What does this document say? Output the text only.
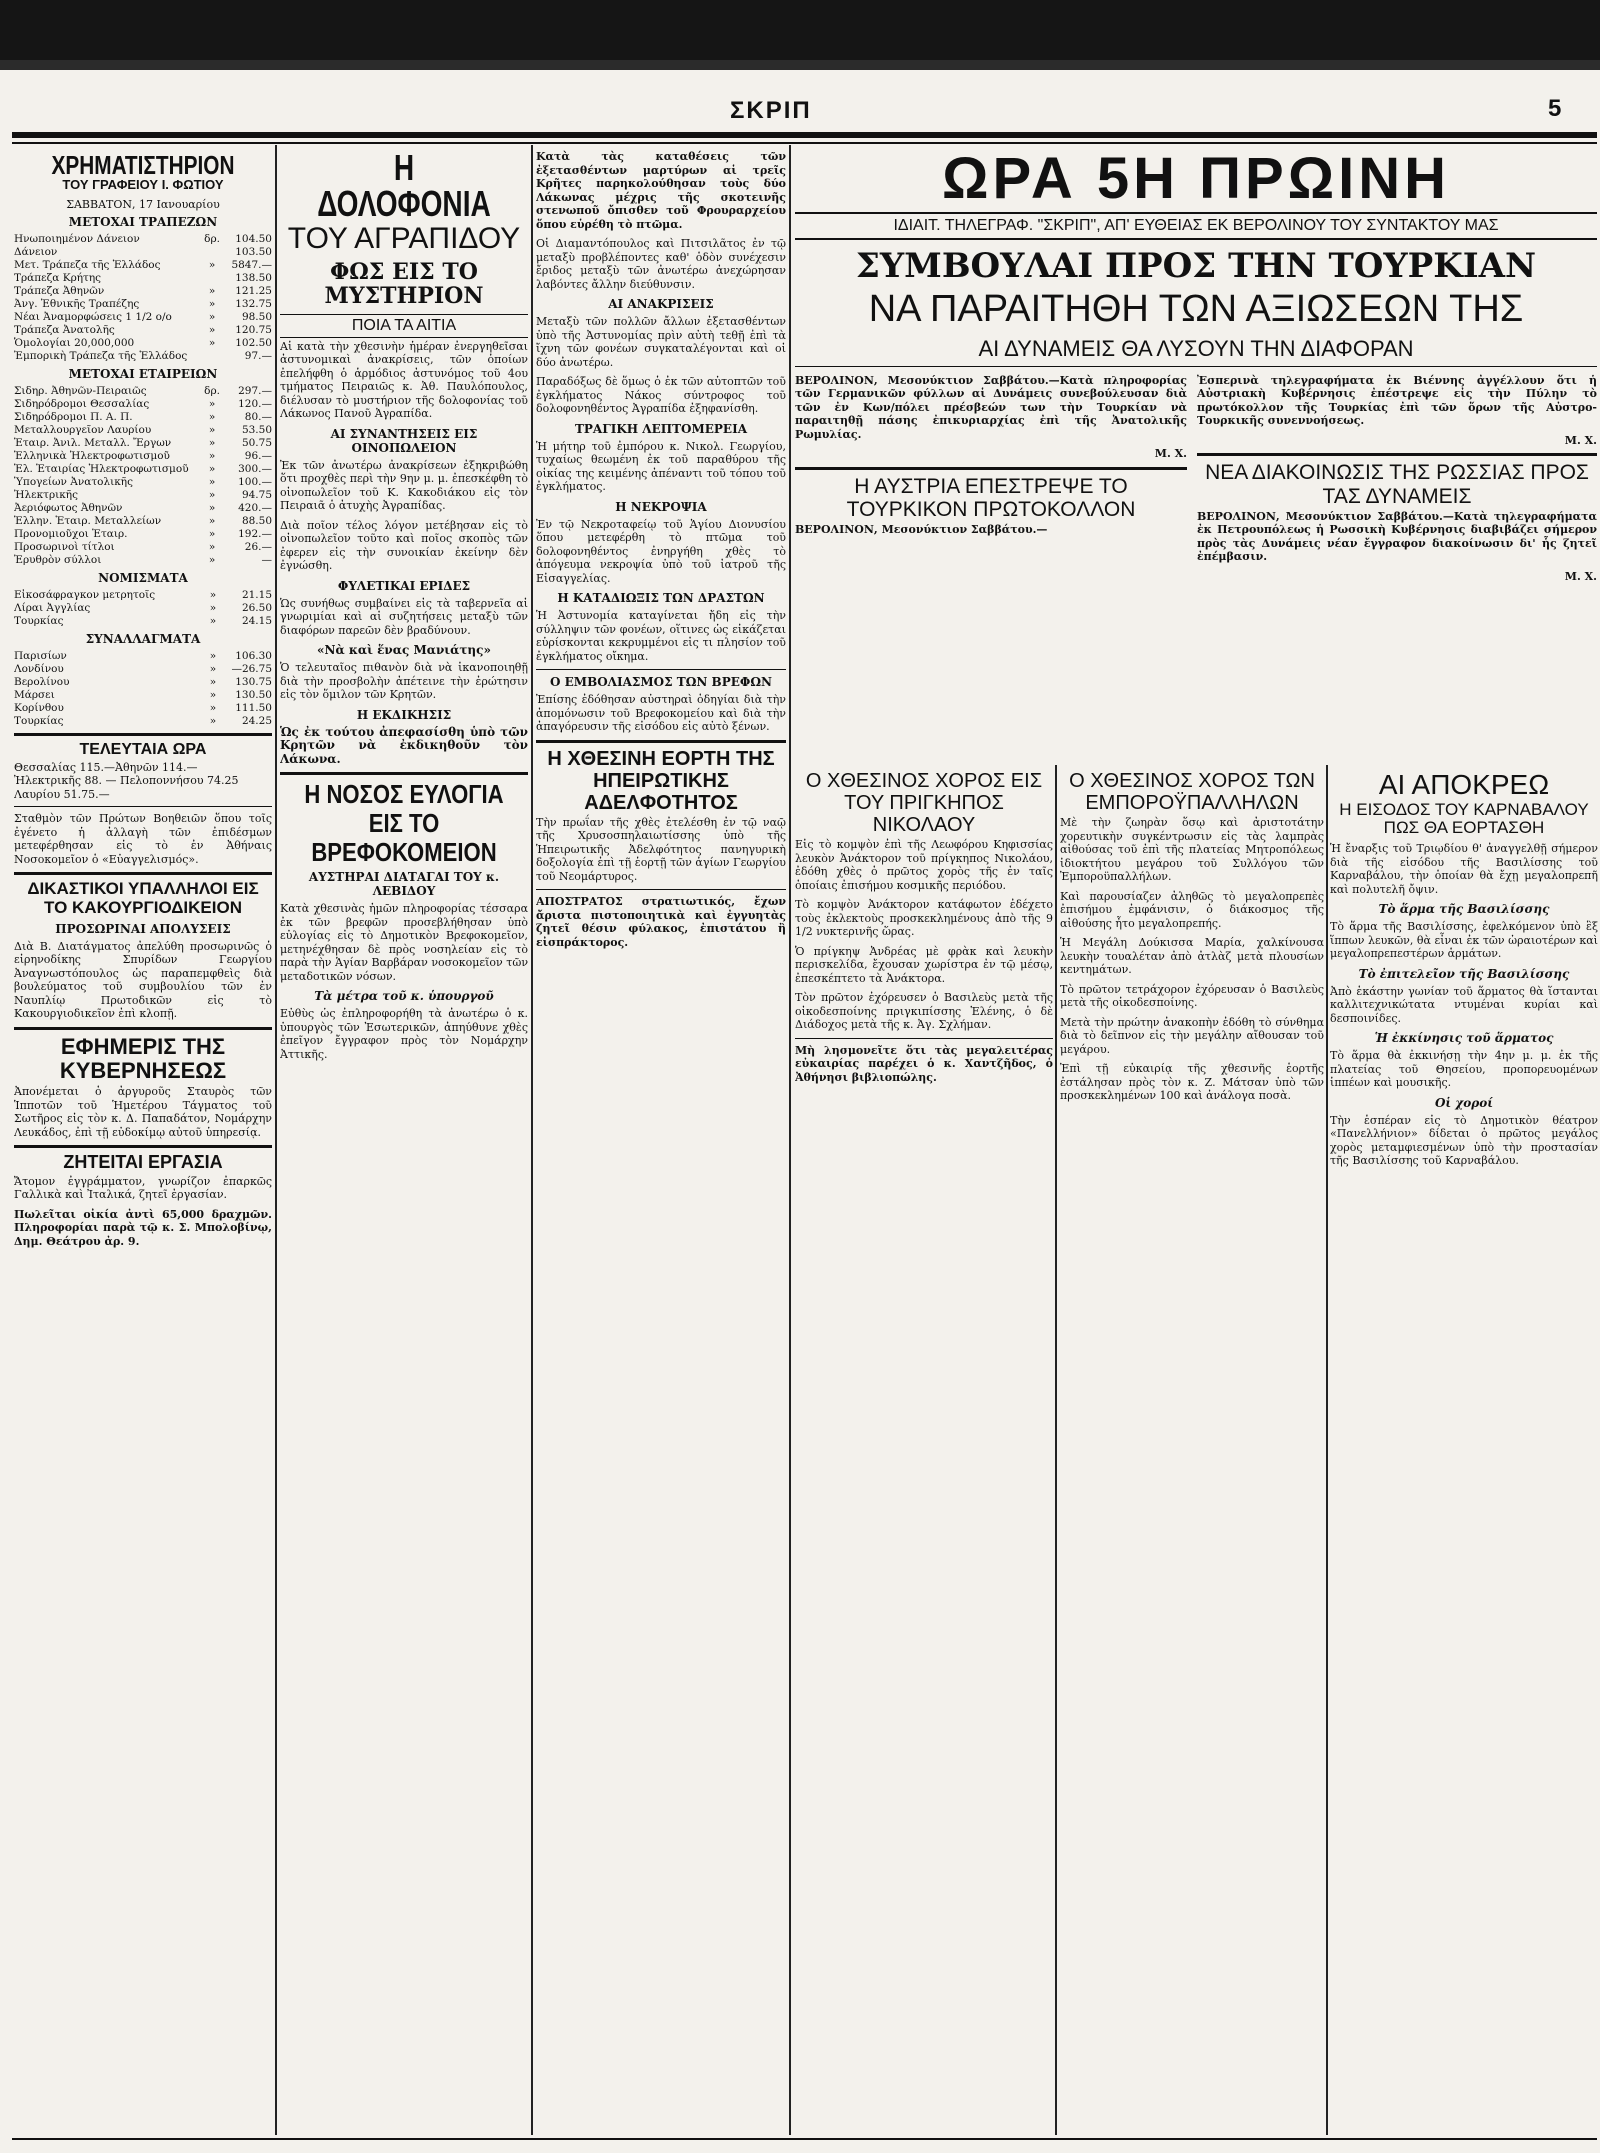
ΣΚΡΙΠ	5
ΧΡΗΜΑΤΙΣΤΗΡΙΟΝ
ΤΟΥ ΓΡΑΦΕΙΟΥ Ι. ΦΩΤΙΟΥ
ΣΑΒΒΑΤΟΝ, 17 Ιανουαρίου
ΜΕΤΟΧΑΙ ΤΡΑΠΕΖΩΝ
Ηνωποιημένον Δάνειον	δρ.	104.50
Δάνειον		103.50
Μετ. Τράπεζα τῆς Ἑλλάδος	»	5847.—
Τράπεζα Κρήτης		138.50
Τράπεζα Ἀθηνῶν	»	121.25
Ἀνγ. Ἐθνικῆς Τραπέζης	»	132.75
Νέαι Ἀναμορφώσεις 1 1/2 ο/ο	»	98.50
Τράπεζα Ἀνατολῆς	»	120.75
Ὁμολογίαι 20,000,000	»	102.50
Ἐμπορικὴ Τράπεζα τῆς Ἑλλάδος		97.—
ΜΕΤΟΧΑΙ ΕΤΑΙΡΕΙΩΝ
Σιδηρ. Ἀθηνῶν-Πειραιῶς	δρ.	297.—
Σιδηρόδρομοι Θεσσαλίας	»	120.—
Σιδηρόδρομοι Π. Α. Π.	»	80.—
Μεταλλουργεῖον Λαυρίου	»	53.50
Ἑταιρ. Ἀνιλ. Μεταλλ. Ἔργων	»	50.75
Ἑλληνικὰ Ἠλεκτροφωτισμοῦ	»	96.—
Ἑλ. Ἑταιρίας Ἠλεκτροφωτισμοῦ	»	300.—
Ὑπογείων Ἀνατολικῆς	»	100.—
Ἠλεκτρικῆς	»	94.75
Ἀεριόφωτος Ἀθηνῶν	»	420.—
Ἑλλην. Ἑταιρ. Μεταλλείων	»	88.50
Προνομιοῦχοι Ἑταιρ.	»	192.—
Προσωρινοὶ τίτλοι	»	26.—
Ἐρυθρὸν σύλλοι	»	—
ΝΟΜΙΣΜΑΤΑ
Εἰκοσάφραγκον μετρητοῖς	»	21.15
Λίραι Ἀγγλίας	»	26.50
Τουρκίας	»	24.15
ΣΥΝΑΛΛΑΓΜΑΤΑ
Παρισίων	»	106.30
Λονδίνου	»	—26.75
Βερολίνου	»	130.75
Μάρσει	»	130.50
Κορίνθου	»	111.50
Τουρκίας	»	24.25
ΤΕΛΕΥΤΑΙΑ ΩΡΑ
Θεσσαλίας 115.—Ἀθηνῶν 114.—
Ἠλεκτρικῆς 88. — Πελοποννήσου 74.25
Λαυρίου 51.75.—
Σταθμὸν τῶν Πρώτων Βοηθειῶν ὅπου τοῖς ἐγένετο ἡ ἀλλαγὴ τῶν ἐπιδέσμων μετεφέρθησαν εἰς τὸ ἐν Ἀθήναις Νοσοκομεῖον ὁ «Εὐαγγελισμός».
ΔΙΚΑΣΤΙΚΟΙ ΥΠΑΛΛΗΛΟΙ ΕΙΣ ΤΟ ΚΑΚΟΥΡΓΙΟΔΙΚΕΙΟΝ
ΠΡΟΣΩΡΙΝΑΙ ΑΠΟΛΥΣΕΙΣ
Διὰ Β. Διατάγματος ἀπελύθη προσωρινῶς ὁ εἰρηνοδίκης Σπυρίδων Γεωργίου Ἀναγνωστόπουλος ὡς παραπεμφθεὶς διὰ βουλεύματος τοῦ συμβουλίου τῶν ἐν Ναυπλίῳ Πρωτοδικῶν εἰς τὸ Κακουργιοδικεῖον ἐπὶ κλοπῇ.
ΕΦΗΜΕΡΙΣ ΤΗΣ ΚΥΒΕΡΝΗΣΕΩΣ
Ἀπονέμεται ὁ ἀργυροῦς Σταυρὸς τῶν Ἱπποτῶν τοῦ Ἡμετέρου Τάγματος τοῦ Σωτῆρος εἰς τὸν κ. Δ. Παπαδάτον, Νομάρχην Λευκάδος, ἐπὶ τῇ εὐδοκίμῳ αὐτοῦ ὑπηρεσίᾳ.
ΖΗΤΕΙΤΑΙ ΕΡΓΑΣΙΑ
Ἄτομον ἐγγράμματον, γνωρίζον ἐπαρκῶς Γαλλικὰ καὶ Ἰταλικά, ζητεῖ ἐργασίαν.
Πωλεῖται οἰκία ἀντὶ 65,000 δραχμῶν. Πληροφορίαι παρὰ τῷ κ. Σ. Μπολοβίνῳ, Δημ. Θεάτρου ἀρ. 9.
Η ΔΟΛΟΦΟΝΙΑ
ΤΟΥ ΑΓΡΑΠΙΔΟΥ
ΦΩΣ ΕΙΣ ΤΟ ΜΥΣΤΗΡΙΟΝ
ΠΟΙΑ ΤΑ ΑΙΤΙΑ
Αἱ κατὰ τὴν χθεσινὴν ἡμέραν ἐνεργηθεῖσαι ἀστυνομικαὶ ἀνακρίσεις, τῶν ὁποίων ἐπελήφθη ὁ ἁρμόδιος ἀστυνόμος τοῦ 4ου τμήματος Πειραιῶς κ. Ἀθ. Παυλόπουλος, διέλυσαν τὸ μυστήριον τῆς δολοφονίας τοῦ Λάκωνος Πανοῦ Ἀγραπίδα.
ΑΙ ΣΥΝΑΝΤΗΣΕΙΣ ΕΙΣ ΟΙΝΟΠΩΛΕΙΟΝ
Ἐκ τῶν ἀνωτέρω ἀνακρίσεων ἐξηκριβώθη ὅτι προχθὲς περὶ τὴν 9ην μ. μ. ἐπεσκέφθη τὸ οἰνοπωλεῖον τοῦ Κ. Κακοδιάκου εἰς τὸν Πειραιᾶ ὁ ἀτυχὴς Ἀγραπίδας.
Διὰ ποῖον τέλος λόγον μετέβησαν εἰς τὸ οἰνοπωλεῖον τοῦτο καὶ ποῖος σκοπὸς τῶν ἐφερεν εἰς τὴν συνοικίαν ἐκείνην δὲν ἐγνώσθη.
ΦΥΛΕΤΙΚΑΙ ΕΡΙΔΕΣ
Ὡς συνήθως συμβαίνει εἰς τὰ ταβερνεῖα αἱ γνωριμίαι καὶ αἱ συζητήσεις μεταξὺ τῶν διαφόρων παρεῶν δὲν βραδύνουν.
«Νὰ καὶ ἕνας Μανιάτης»
Ὁ τελευταῖος πιθανὸν διὰ νὰ ἱκανοποιηθῇ διὰ τὴν προσβολὴν ἀπέτεινε τὴν ἐρώτησιν εἰς τὸν ὅμιλον τῶν Κρητῶν.
Η ΕΚΔΙΚΗΣΙΣ
Ὡς ἐκ τούτου ἀπεφασίσθη ὑπὸ τῶν Κρητῶν νὰ ἐκδικηθοῦν τὸν Λάκωνα.
Η ΝΟΣΟΣ ΕΥΛΟΓΙΑ ΕΙΣ ΤΟ ΒΡΕΦΟΚΟΜΕΙΟΝ
ΑΥΣΤΗΡΑΙ ΔΙΑΤΑΓΑΙ ΤΟΥ κ. ΛΕΒΙΔΟΥ
Κατὰ χθεσινὰς ἡμῶν πληροφορίας τέσσαρα ἐκ τῶν βρεφῶν προσεβλήθησαν ὑπὸ εὐλογίας εἰς τὸ Δημοτικὸν Βρεφοκομεῖον, μετηνέχθησαν δὲ πρὸς νοσηλείαν εἰς τὸ παρὰ τὴν Ἁγίαν Βαρβάραν νοσοκομεῖον τῶν μεταδοτικῶν νόσων.
Τὰ μέτρα τοῦ κ. ὑπουργοῦ
Εὐθὺς ὡς ἐπληροφορήθη τὰ ἀνωτέρω ὁ κ. ὑπουργὸς τῶν Ἐσωτερικῶν, ἀπηύθυνε χθὲς ἐπεῖγον ἔγγραφον πρὸς τὸν Νομάρχην Ἀττικῆς.
Κατὰ τὰς καταθέσεις τῶν ἐξετασθέντων μαρτύρων αἱ τρεῖς Κρῆτες παρηκολούθησαν τοὺς δύο Λάκωνας μέχρις τῆς σκοτεινῆς στενωποῦ ὄπισθεν τοῦ Φρουραρχείου ὅπου εὑρέθη τὸ πτῶμα.
Οἱ Διαμαντόπουλος καὶ Πιτσιλᾶτος ἐν τῷ μεταξὺ προβλέποντες καθ' ὁδὸν συνέχεσιν ἔριδος μεταξὺ τῶν ἀνωτέρω ἀνεχώρησαν λαβόντες ἄλλην διεύθυνσιν.
ΑΙ ΑΝΑΚΡΙΣΕΙΣ
Μεταξὺ τῶν πολλῶν ἄλλων ἐξετασθέντων ὑπὸ τῆς Ἀστυνομίας πρὶν αὐτὴ τεθῇ ἐπὶ τὰ ἴχνη τῶν φονέων συγκαταλέγονται καὶ οἱ δύο ἀνωτέρω.
Παραδόξως δὲ ὅμως ὁ ἐκ τῶν αὐτοπτῶν τοῦ ἐγκλήματος Νάκος σύντροφος τοῦ δολοφονηθέντος Ἀγραπίδα ἐξηφανίσθη.
ΤΡΑΓΙΚΗ ΛΕΠΤΟΜΕΡΕΙΑ
Ἡ μήτηρ τοῦ ἐμπόρου κ. Νικολ. Γεωργίου, τυχαίως θεωμένη ἐκ τοῦ παραθύρου τῆς οἰκίας της κειμένης ἀπέναντι τοῦ τόπου τοῦ ἐγκλήματος.
Η ΝΕΚΡΟΨΙΑ
Ἐν τῷ Νεκροταφείῳ τοῦ Ἁγίου Διονυσίου ὅπου μετεφέρθη τὸ πτῶμα τοῦ δολοφονηθέντος ἐνηργήθη χθὲς τὸ ἀπόγευμα νεκροψία ὑπὸ τοῦ ἰατροῦ τῆς Εἰσαγγελίας.
Η ΚΑΤΑΔΙΩΞΙΣ ΤΩΝ ΔΡΑΣΤΩΝ
Ἡ Ἀστυνομία καταγίνεται ἤδη εἰς τὴν σύλληψιν τῶν φονέων, οἵτινες ὡς εἰκάζεται εὑρίσκονται κεκρυμμένοι εἰς τι πλησίον τοῦ ἐγκλήματος οἴκημα.
Ο ΕΜΒΟΛΙΑΣΜΟΣ ΤΩΝ ΒΡΕΦΩΝ
Ἐπίσης ἐδόθησαν αὐστηραὶ ὁδηγίαι διὰ τὴν ἀπομόνωσιν τοῦ Βρεφοκομείου καὶ διὰ τὴν ἀπαγόρευσιν τῆς εἰσόδου εἰς αὐτὸ ξένων.
Η ΧΘΕΣΙΝΗ ΕΟΡΤΗ ΤΗΣ ΗΠΕΙΡΩΤΙΚΗΣ ΑΔΕΛΦΟΤΗΤΟΣ
Τὴν πρωΐαν τῆς χθὲς ἐτελέσθη ἐν τῷ ναῷ τῆς Χρυσοσπηλαιωτίσσης ὑπὸ τῆς Ἡπειρωτικῆς Ἀδελφότητος πανηγυρικὴ δοξολογία ἐπὶ τῇ ἑορτῇ τῶν ἁγίων Γεωργίου τοῦ Νεομάρτυρος.
ΑΠΟΣΤΡΑΤΟΣ στρατιωτικός, ἔχων ἄριστα πιστοποιητικὰ καὶ ἐγγυητὰς ζητεῖ θέσιν φύλακος, ἐπιστάτου ἢ εἰσπράκτορος.
ΩΡΑ 5Η ΠΡΩΙΝΗ
ΙΔΙΑΙΤ. ΤΗΛΕΓΡΑΦ. "ΣΚΡΙΠ", ΑΠ' ΕΥΘΕΙΑΣ ΕΚ ΒΕΡΟΛΙΝΟΥ ΤΟΥ ΣΥΝΤΑΚΤΟΥ ΜΑΣ
ΣΥΜΒΟΥΛΑΙ ΠΡΟΣ ΤΗΝ ΤΟΥΡΚΙΑΝ
ΝΑ ΠΑΡΑΙΤΗΘΗ ΤΩΝ ΑΞΙΩΣΕΩΝ ΤΗΣ
ΑΙ ΔΥΝΑΜΕΙΣ ΘΑ ΛΥΣΟΥΝ ΤΗΝ ΔΙΑΦΟΡΑΝ
ΒΕΡΟΛΙΝΟΝ, Μεσονύκτιον Σαββάτου.—Κατὰ πληροφορίας τῶν Γερμανικῶν φύλλων αἱ Δυνάμεις συνεβούλευσαν διὰ τῶν ἐν Κων/πόλει πρέσβεών των τὴν Τουρκίαν νὰ παραιτηθῇ πάσης ἐπικυριαρχίας ἐπὶ τῆς Ἀνατολικῆς Ρωμυλίας.
Μ. Χ.
Η ΑΥΣΤΡΙΑ ΕΠΕΣΤΡΕΨΕ ΤΟ ΤΟΥΡΚΙΚΟΝ ΠΡΩΤΟΚΟΛΛΟΝ
ΒΕΡΟΛΙΝΟΝ, Μεσονύκτιον Σαββάτου.—
Ἐσπερινὰ τηλεγραφήματα ἐκ Βιέννης ἀγγέλλουν ὅτι ἡ Αὐστριακὴ Κυβέρνησις ἐπέστρεψε εἰς τὴν Πύλην τὸ πρωτόκολλον τῆς Τουρκίας ἐπὶ τῶν ὅρων τῆς Αὐστρο-Τουρκικῆς συνεννοήσεως.
Μ. Χ.
ΝΕΑ ΔΙΑΚΟΙΝΩΣΙΣ ΤΗΣ ΡΩΣΣΙΑΣ ΠΡΟΣ ΤΑΣ ΔΥΝΑΜΕΙΣ
ΒΕΡΟΛΙΝΟΝ, Μεσονύκτιον Σαββάτου.—Κατὰ τηλεγραφήματα ἐκ Πετρουπόλεως ἡ Ρωσσικὴ Κυβέρνησις διαβιβάζει σήμερον πρὸς τὰς Δυνάμεις νέαν ἔγγραφον διακοίνωσιν δι' ἧς ζητεῖ ἐπέμβασιν.
Μ. Χ.
Ο ΧΘΕΣΙΝΟΣ ΧΟΡΟΣ ΕΙΣ ΤΟΥ ΠΡΙΓΚΗΠΟΣ ΝΙΚΟΛΑΟΥ
Εἰς τὸ κομψὸν ἐπὶ τῆς Λεωφόρου Κηφισσίας λευκὸν Ἀνάκτορον τοῦ πρίγκηπος Νικολάου, ἐδόθη χθὲς ὁ πρῶτος χορὸς τῆς ἐν ταῖς ὁποίαις ἐπισήμου κοσμικῆς περιόδου.
Τὸ κομψὸν Ἀνάκτορον κατάφωτον ἐδέχετο τοὺς ἐκλεκτοὺς προσκεκλημένους ἀπὸ τῆς 9 1/2 νυκτερινῆς ὥρας.
Ὁ πρίγκηψ Ἀνδρέας μὲ φρὰκ καὶ λευκὴν περισκελίδα, ἔχουσαν χωρίστρα ἐν τῷ μέσῳ, ἐπεσκέπτετο τὰ Ἀνάκτορα.
Τὸν πρῶτον ἐχόρευσεν ὁ Βασιλεὺς μετὰ τῆς οἰκοδεσποίνης πριγκιπίσσης Ἑλένης, ὁ δὲ Διάδοχος μετὰ τῆς κ. Ἀγ. Σχλήμαν.
Μὴ λησμονεῖτε ὅτι τὰς μεγαλειτέρας εὐκαιρίας παρέχει ὁ κ. Χαντζῆδος, ὁ Ἀθήνησι βιβλιοπώλης.
Ο ΧΘΕΣΙΝΟΣ ΧΟΡΟΣ ΤΩΝ ΕΜΠΟΡΟΫΠΑΛΛΗΛΩΝ
Μὲ τὴν ζωηρὰν ὅσῳ καὶ ἀριστοτάτην χορευτικὴν συγκέντρωσιν εἰς τὰς λαμπρὰς αἰθούσας τοῦ ἐπὶ τῆς πλατείας Μητροπόλεως ἰδιοκτήτου μεγάρου τοῦ Συλλόγου τῶν Ἐμποροϋπαλλήλων.
Καὶ παρουσίαζεν ἀληθῶς τὸ μεγαλοπρεπὲς ἐπισήμου ἐμφάνισιν, ὁ διάκοσμος τῆς αἰθούσης ἦτο μεγαλοπρεπής.
Ἡ Μεγάλη Δούκισσα Μαρία, χαλκίνουσα λευκὴν τουαλέταν ἀπὸ ἀτλὰζ μετὰ πλουσίων κεντημάτων.
Τὸ πρῶτον τετράχορον ἐχόρευσαν ὁ Βασιλεὺς μετὰ τῆς οἰκοδεσποίνης.
Μετὰ τὴν πρώτην ἀνακοπὴν ἐδόθη τὸ σύνθημα διὰ τὸ δεῖπνον εἰς τὴν μεγάλην αἴθουσαν τοῦ μεγάρου.
Ἐπὶ τῇ εὐκαιρίᾳ τῆς χθεσινῆς ἑορτῆς ἐστάλησαν πρὸς τὸν κ. Ζ. Μάτσαν ὑπὸ τῶν προσκεκλημένων 100 καὶ ἀνάλογα ποσὰ.
ΑΙ ΑΠΟΚΡΕΩ
Η ΕΙΣΟΔΟΣ ΤΟΥ ΚΑΡΝΑΒΑΛΟΥ
ΠΩΣ ΘΑ ΕΟΡΤΑΣΘΗ
Ἡ ἔναρξις τοῦ Τριῳδίου θ' ἀναγγελθῇ σήμερον διὰ τῆς εἰσόδου τῆς Βασιλίσσης τοῦ Καρναβάλου, τὴν ὁποίαν θὰ ἔχῃ μεγαλοπρεπῆ καὶ πολυτελῆ ὄψιν.
Τὸ ἅρμα τῆς Βασιλίσσης
Τὸ ἅρμα τῆς Βασιλίσσης, ἐφελκόμενον ὑπὸ ἓξ ἵππων λευκῶν, θὰ εἶναι ἐκ τῶν ὡραιοτέρων καὶ μεγαλοπρεπεστέρων ἁρμάτων.
Τὸ ἐπιτελεῖον τῆς Βασιλίσσης
Ἀπὸ ἑκάστην γωνίαν τοῦ ἅρματος θὰ ἵστανται καλλιτεχνικώτατα ντυμέναι κυρίαι καὶ δεσποινίδες.
Ἡ ἐκκίνησις τοῦ ἅρματος
Τὸ ἅρμα θὰ ἐκκινήσῃ τὴν 4ην μ. μ. ἐκ τῆς πλατείας τοῦ Θησείου, προπορευομένων ἱππέων καὶ μουσικῆς.
Οἱ χοροί
Τὴν ἑσπέραν εἰς τὸ Δημοτικὸν θέατρον «Πανελλήνιον» δίδεται ὁ πρῶτος μεγάλος χορὸς μεταμφιεσμένων ὑπὸ τὴν προστασίαν τῆς Βασιλίσσης τοῦ Καρναβάλου.
